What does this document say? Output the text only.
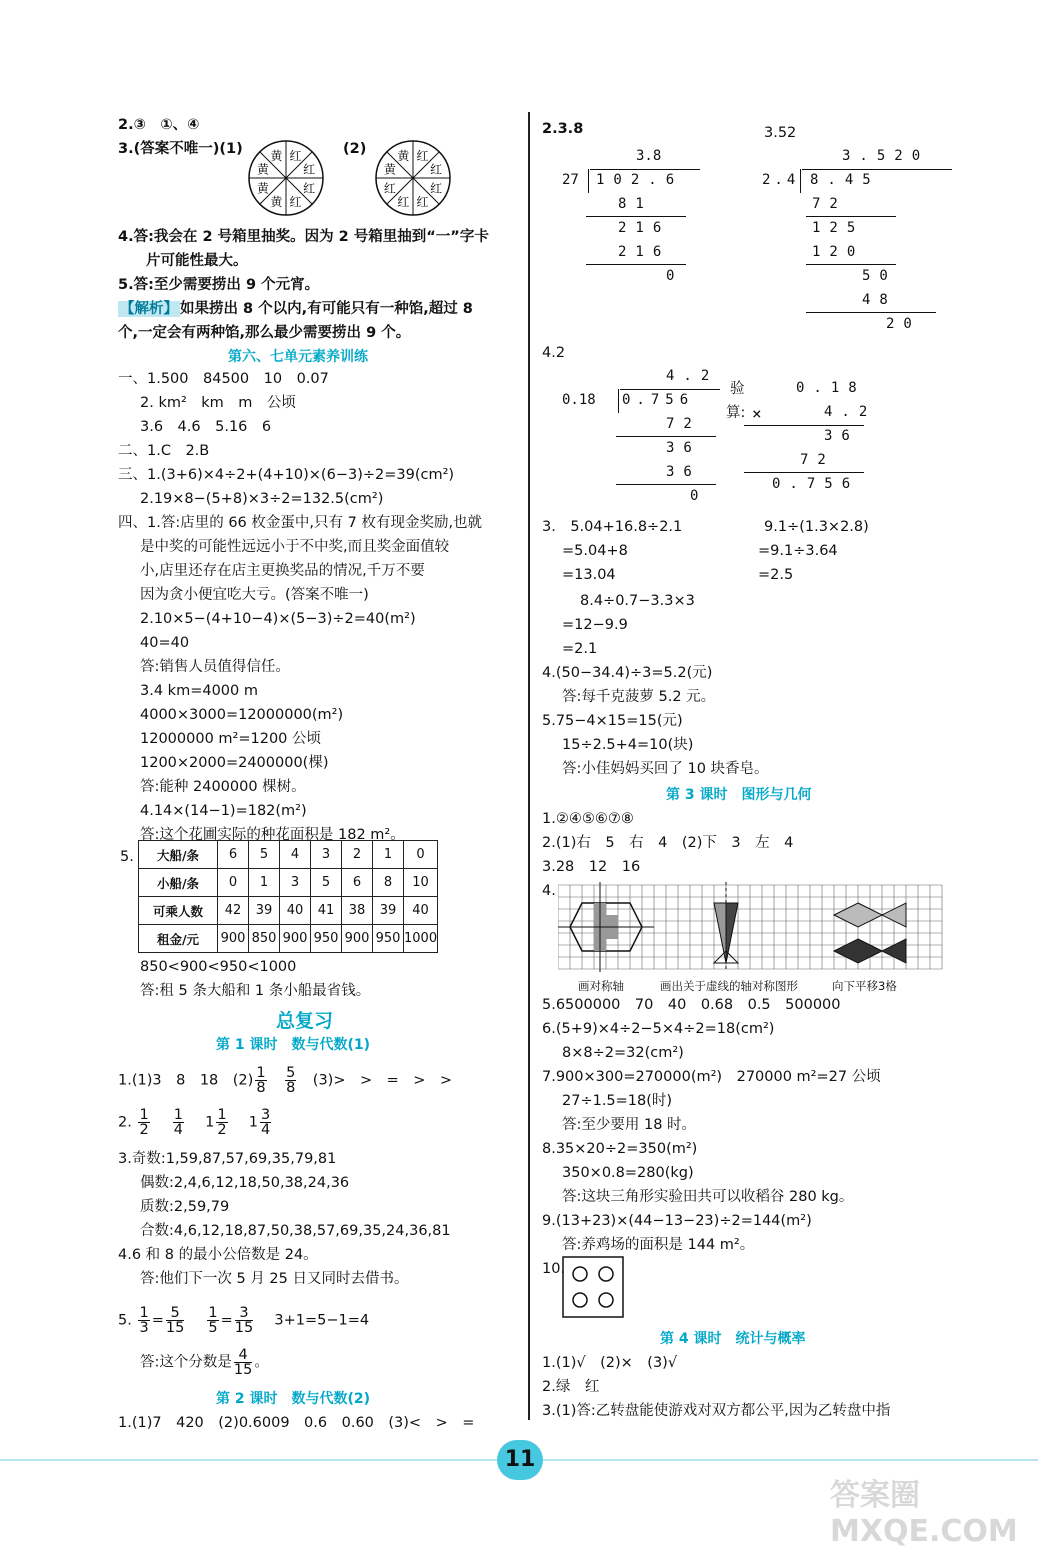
2.③　①、④
3.(答案不唯一)(1)	(2)
红
红
红
红
黄
黄
黄
黄	红
红
红
红
红
红
黄
黄
4.答:我会在 2 号箱里抽奖。因为 2 号箱里抽到“一”字卡
片可能性最大。
5.答:至少需要捞出 9 个元宵。
【解析】 如果捞出 8 个以内,有可能只有一种馅,超过 8
个,一定会有两种馅,那么最少需要捞出 9 个。
第六、七单元素养训练
一、1.500　84500　10　0.07
2. km²　km　m　公顷
3.6　4.6　5.16　6
二、1.C　2.B
三、1.(3+6)×4÷2+(4+10)×(6−3)÷2=39(cm²)
2.19×8−(5+8)×3÷2=132.5(cm²)
四、1.答:店里的 66 枚金蛋中,只有 7 枚有现金奖励,也就
是中奖的可能性远远小于不中奖,而且奖金面值较
小,店里还存在店主更换奖品的情况,千万不要
因为贪小便宜吃大亏。(答案不唯一)
2.10×5−(4+10−4)×(5−3)÷2=40(m²)
40=40
答:销售人员值得信任。
3.4 km=4000 m
4000×3000=12000000(m²)
12000000 m²=1200 公顷
1200×2000=2400000(棵)
答:能种 2400000 棵树。
4.14×(14−1)=182(m²)
答:这个花圃实际的种花面积是 182 m²。
5. 大船/条	6	5	4	3	2	1	0
小船/条	0	1	3	5	6	8	10
可乘人数	42	39	40	41	38	39	40
租金/元	900	850	900	950	900	950	1000
850<900<950<1000
答:租 5 条大船和 1 条小船最省钱。
总复习
第 1 课时　数与代数(1)
1.(1)3　8　18　$(2) \frac{1}{8}$
　 $\frac{5}{8}$
　 (3)>　>　=　>　>
2. $\frac{1}{2}$
　 $\frac{1}{4}$
　 $1 \frac{1}{2}$
　 $1 \frac{3}{4}$
3.奇数:1,59,87,57,69,35,79,81
偶数:2,4,6,12,18,50,38,24,36
质数:2,59,79
合数:4,6,12,18,87,50,38,57,69,35,24,36,81
4.6 和 8 的最小公倍数是 24。
答:他们下一次 5 月 25 日又同时去借书。
5. $\frac{1}{3} = \frac{5}{15}$
　 $\frac{1}{5} = \frac{3}{15}$
　 3+1=5−1=4
答:这个分数是 $\frac{4}{15}$ 。
第 2 课时　数与代数(2)
1.(1)7　420　(2)0.6009　0.6　0.60　(3)<　>　=
2.3.8	3.52
3.8
27 102.6
81
216
216
0
3.520
2.4 8.45
72
125
120
50
48
20
4.2
4.2
0.18 0.756
72
36
36
0
验
算:
0.18
×	4.2
36
72
0.756
3.　5.04+16.8÷2.1	9.1÷(1.3×2.8)
=5.04+8	=9.1÷3.64
=13.04	=2.5
8.4÷0.7−3.3×3
=12−9.9
=2.1
4.(50−34.4)÷3=5.2(元)
答:每千克菠萝 5.2 元。
5.75−4×15=15(元)
15÷2.5+4=10(块)
答:小佳妈妈买回了 10 块香皂。
第 3 课时　图形与几何
1.②④⑤⑥⑦⑧
2.(1)右　5　右　4　(2)下　3　左　4
3.28　12　16
4.
画对称轴	画出关于虚线的轴对称图形	向下平移3格
5.6500000　70　40　0.68　0.5　500000
6.(5+9)×4÷2−5×4÷2=18(cm²)
8×8÷2=32(cm²)
7.900×300=270000(m²)　270000 m²=27 公顷
27÷1.5=18(时)
答:至少要用 18 时。
8.35×20÷2=350(m²)
350×0.8=280(kg)
答:这块三角形实验田共可以收稻谷 280 kg。
9.(13+23)×(44−13−23)÷2=144(m²)
答:养鸡场的面积是 144 m²。
10.
第 4 课时　统计与概率
1.(1)√　(2)×　(3)√
2.绿　红
3.(1)答:乙转盘能使游戏对双方都公平,因为乙转盘中指
11
答案圈 MXQE.COM
